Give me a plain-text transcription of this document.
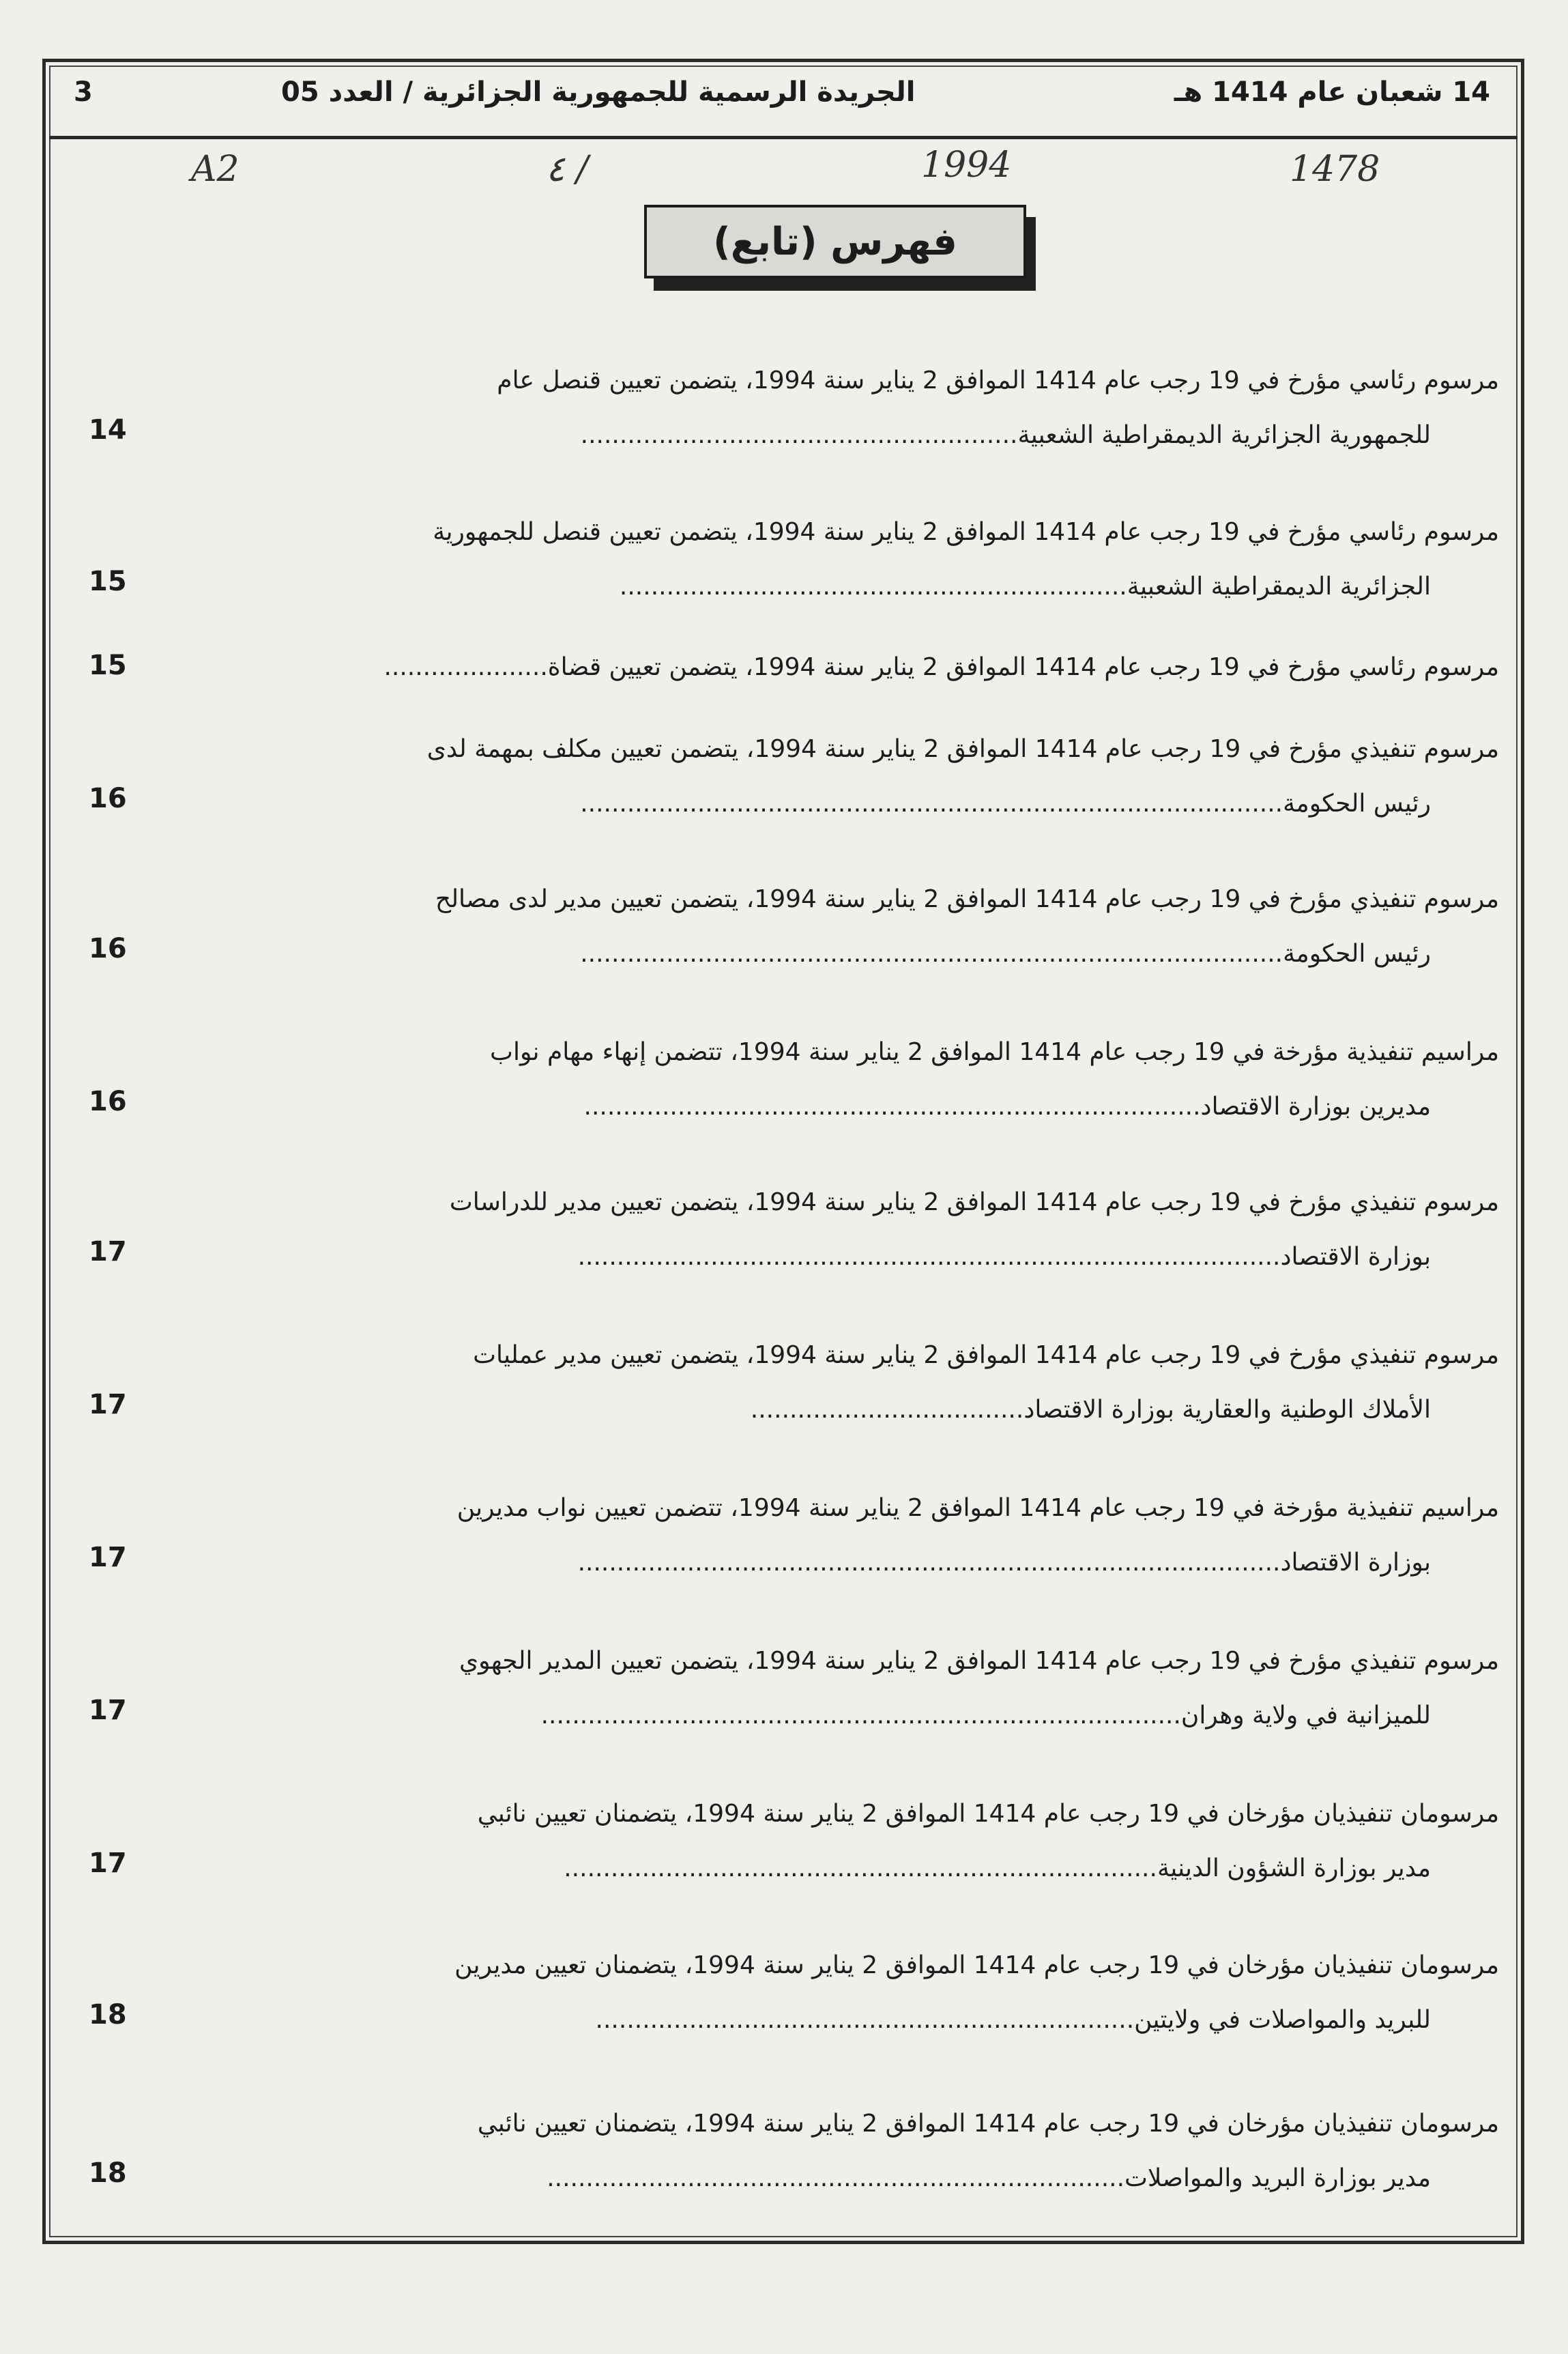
14 شعبان عام 1414 هـ
الجريدة الرسمية للجمهورية الجزائرية / العدد 05
3
A2	٤ /	1994	1478
فهرس (تابع)
مرسوم رئاسي مؤرخ في 19 رجب عام 1414 الموافق 2 يناير سنة 1994، يتضمن تعيين قنصل عام
للجمهورية الجزائرية الديمقراطية الشعبية........................................................
14
مرسوم رئاسي مؤرخ في 19 رجب عام 1414 الموافق 2 يناير سنة 1994، يتضمن تعيين قنصل للجمهورية
الجزائرية الديمقراطية الشعبية.................................................................
15
مرسوم رئاسي مؤرخ في 19 رجب عام 1414 الموافق 2 يناير سنة 1994، يتضمن تعيين قضاة.....................
15
مرسوم تنفيذي مؤرخ في 19 رجب عام 1414 الموافق 2 يناير سنة 1994، يتضمن تعيين مكلف بمهمة لدى
رئيس الحكومة..........................................................................................
16
مرسوم تنفيذي مؤرخ في 19 رجب عام 1414 الموافق 2 يناير سنة 1994، يتضمن تعيين مدير لدى مصالح
رئيس الحكومة..........................................................................................
16
مراسيم تنفيذية مؤرخة في 19 رجب عام 1414 الموافق 2 يناير سنة 1994، تتضمن إنهاء مهام نواب
مديرين بوزارة الاقتصاد...............................................................................
16
مرسوم تنفيذي مؤرخ في 19 رجب عام 1414 الموافق 2 يناير سنة 1994، يتضمن تعيين مدير للدراسات
بوزارة الاقتصاد..........................................................................................
17
مرسوم تنفيذي مؤرخ في 19 رجب عام 1414 الموافق 2 يناير سنة 1994، يتضمن تعيين مدير عمليات
الأملاك الوطنية والعقارية بوزارة الاقتصاد...................................
17
مراسيم تنفيذية مؤرخة في 19 رجب عام 1414 الموافق 2 يناير سنة 1994، تتضمن تعيين نواب مديرين
بوزارة الاقتصاد..........................................................................................
17
مرسوم تنفيذي مؤرخ في 19 رجب عام 1414 الموافق 2 يناير سنة 1994، يتضمن تعيين المدير الجهوي
للميزانية في ولاية وهران..................................................................................
17
مرسومان تنفيذيان مؤرخان في 19 رجب عام 1414 الموافق 2 يناير سنة 1994، يتضمنان تعيين نائبي
مدير بوزارة الشؤون الدينية............................................................................
17
مرسومان تنفيذيان مؤرخان في 19 رجب عام 1414 الموافق 2 يناير سنة 1994، يتضمنان تعيين مديرين
للبريد والمواصلات في ولايتين.....................................................................
18
مرسومان تنفيذيان مؤرخان في 19 رجب عام 1414 الموافق 2 يناير سنة 1994، يتضمنان تعيين نائبي
مدير بوزارة البريد والمواصلات..........................................................................
18
